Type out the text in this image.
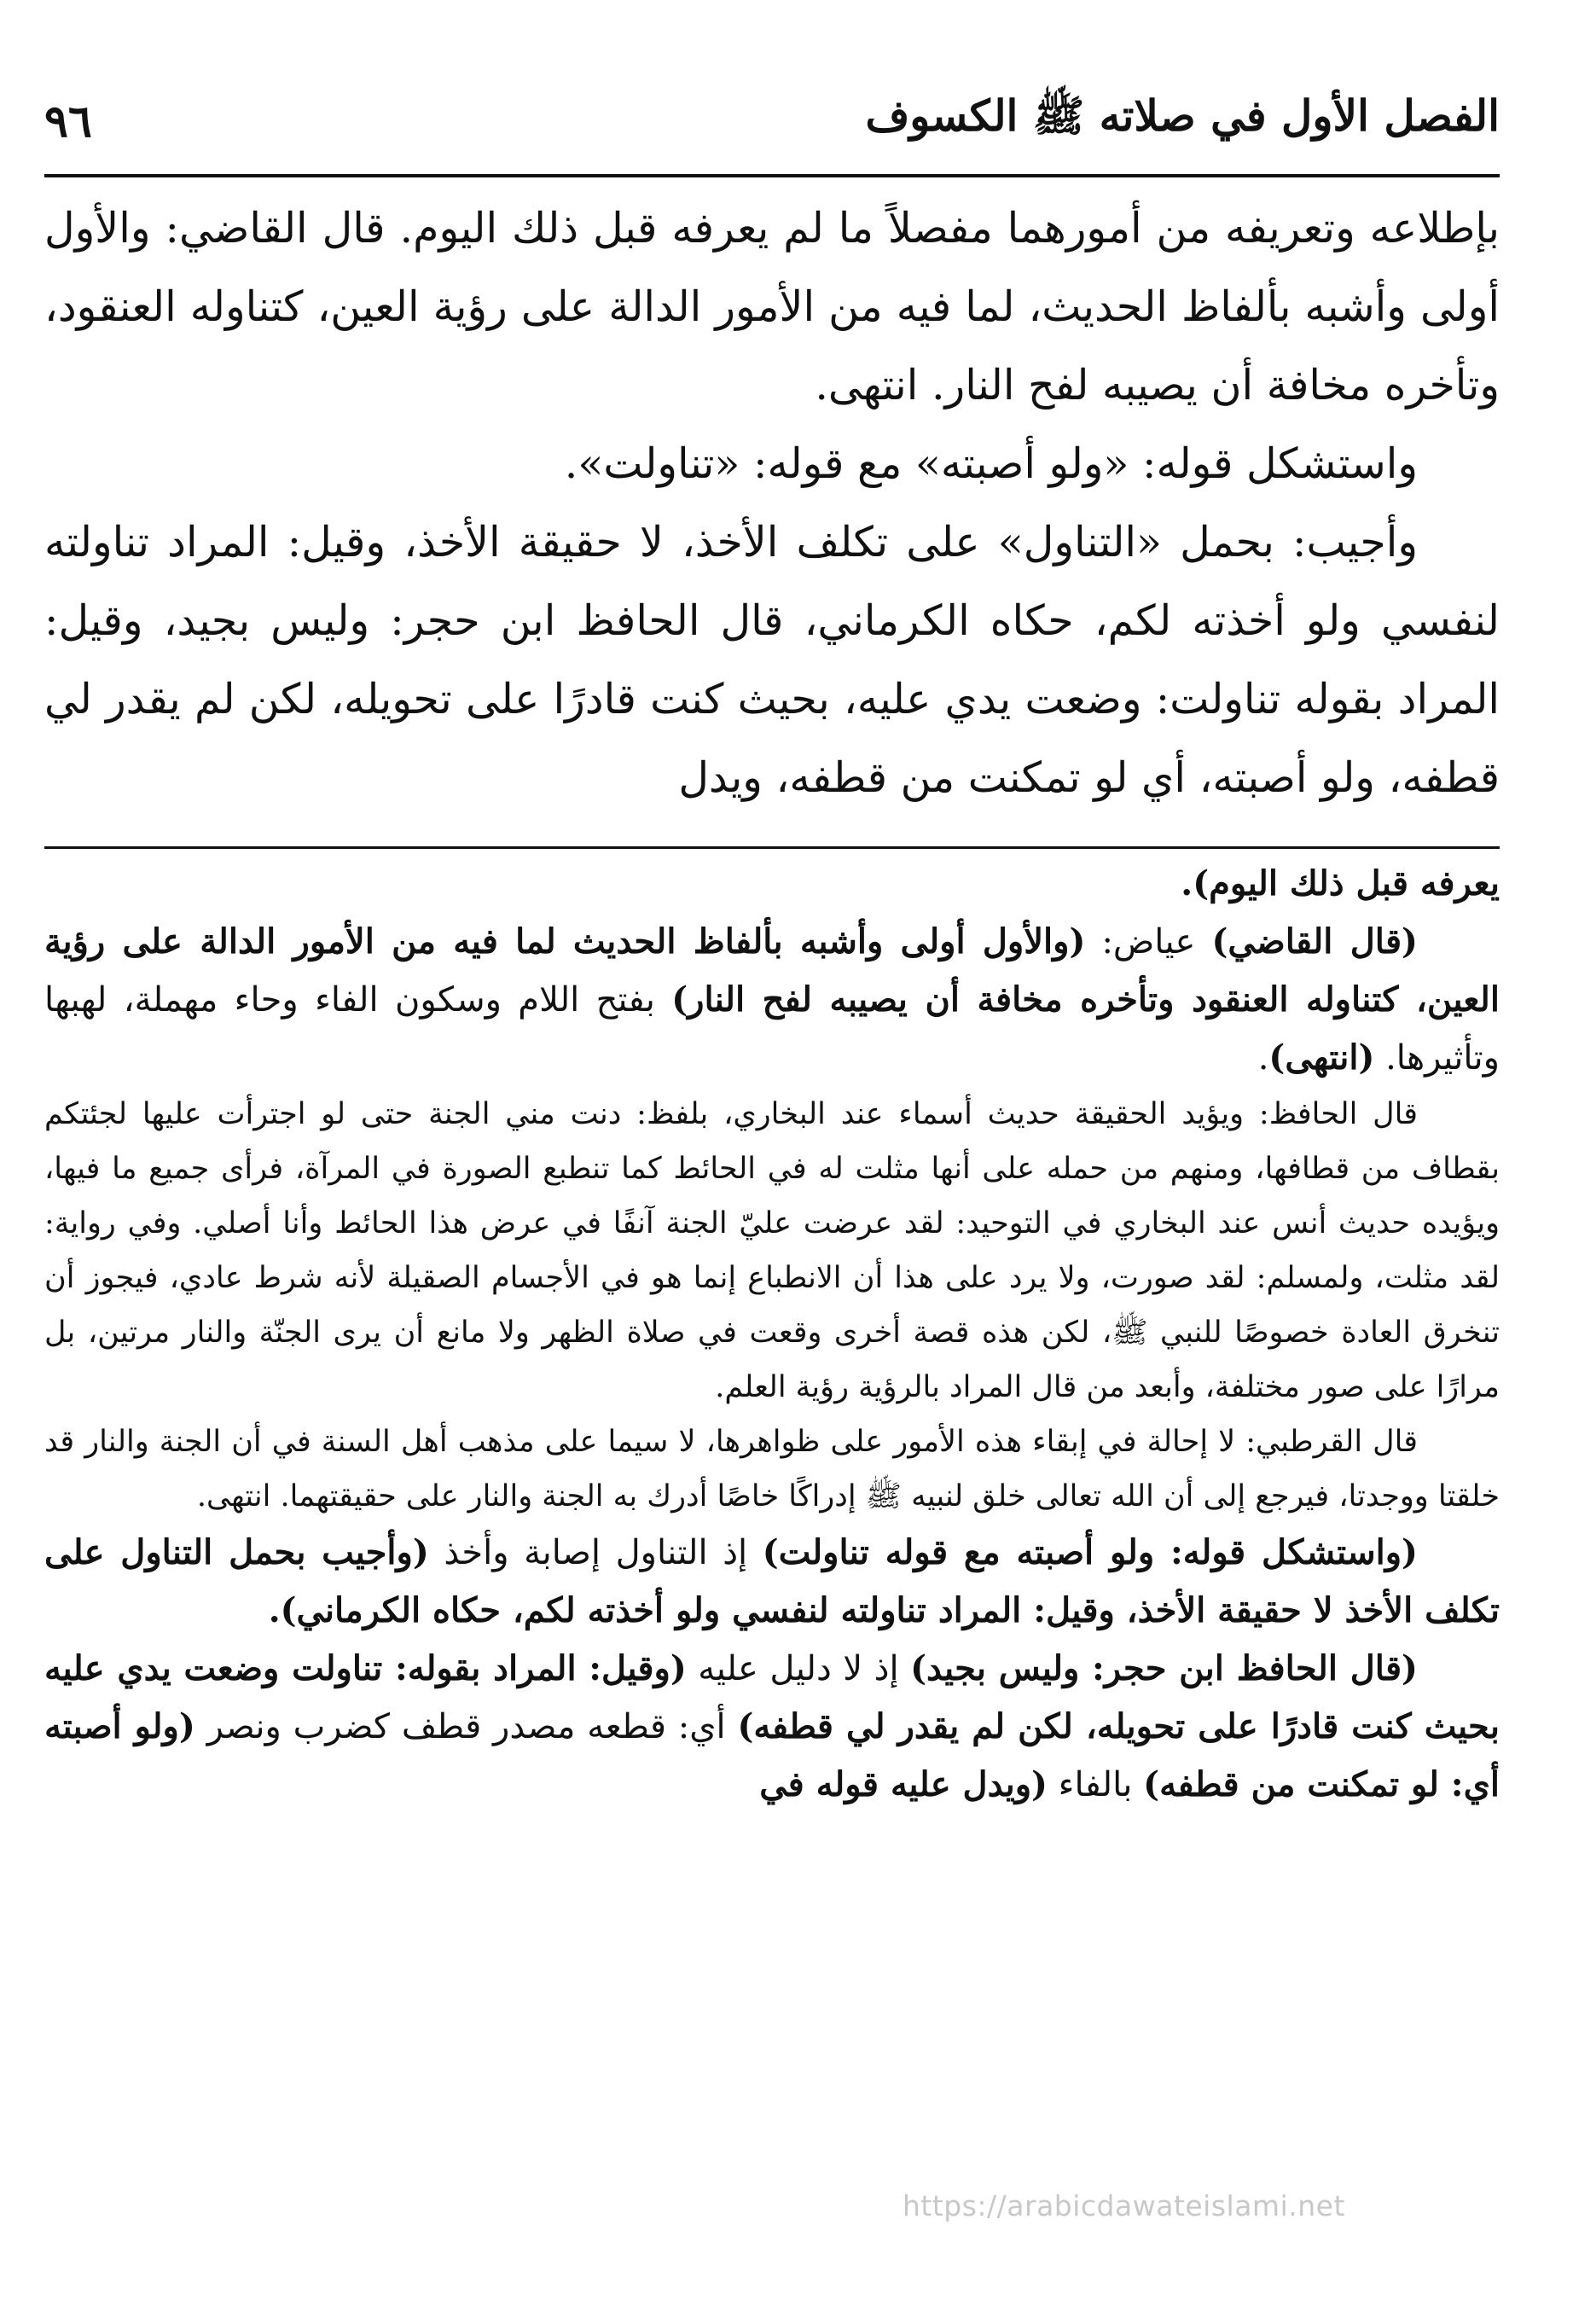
الفصل الأول في صلاته ﷺ الكسوف
٩٦

بإطلاعه وتعريفه من أمورهما مفصلاً ما لم يعرفه قبل ذلك اليوم. قال القاضي: والأول أولى وأشبه بألفاظ الحديث، لما فيه من الأمور الدالة على رؤية العين، كتناوله العنقود، وتأخره مخافة أن يصيبه لفح النار. انتهى.

واستشكل قوله: «ولو أصبته» مع قوله: «تناولت».

وأجيب: بحمل «التناول» على تكلف الأخذ، لا حقيقة الأخذ، وقيل: المراد تناولته لنفسي ولو أخذته لكم، حكاه الكرماني، قال الحافظ ابن حجر: وليس بجيد، وقيل: المراد بقوله تناولت: وضعت يدي عليه، بحيث كنت قادرًا على تحويله، لكن لم يقدر لي قطفه، ولو أصبته، أي لو تمكنت من قطفه، ويدل

يعرفه قبل ذلك اليوم).

(قال القاضي) عياض: (والأول أولى وأشبه بألفاظ الحديث لما فيه من الأمور الدالة على رؤية العين، كتناوله العنقود وتأخره مخافة أن يصيبه لفح النار) بفتح اللام وسكون الفاء وحاء مهملة، لهبها وتأثيرها. (انتهى).

قال الحافظ: ويؤيد الحقيقة حديث أسماء عند البخاري، بلفظ: دنت مني الجنة حتى لو اجترأت عليها لجئتكم بقطاف من قطافها، ومنهم من حمله على أنها مثلت له في الحائط كما تنطبع الصورة في المرآة، فرأى جميع ما فيها، ويؤيده حديث أنس عند البخاري في التوحيد: لقد عرضت عليّ الجنة آنفًا في عرض هذا الحائط وأنا أصلي. وفي رواية: لقد مثلت، ولمسلم: لقد صورت، ولا يرد على هذا أن الانطباع إنما هو في الأجسام الصقيلة لأنه شرط عادي، فيجوز أن تنخرق العادة خصوصًا للنبي ﷺ، لكن هذه قصة أخرى وقعت في صلاة الظهر ولا مانع أن يرى الجنّة والنار مرتين، بل مرارًا على صور مختلفة، وأبعد من قال المراد بالرؤية رؤية العلم.

قال القرطبي: لا إحالة في إبقاء هذه الأمور على ظواهرها، لا سيما على مذهب أهل السنة في أن الجنة والنار قد خلقتا ووجدتا، فيرجع إلى أن الله تعالى خلق لنبيه ﷺ إدراكًا خاصًا أدرك به الجنة والنار على حقيقتهما. انتهى.

(واستشكل قوله: ولو أصبته مع قوله تناولت) إذ التناول إصابة وأخذ (وأجيب بحمل التناول على تكلف الأخذ لا حقيقة الأخذ، وقيل: المراد تناولته لنفسي ولو أخذته لكم، حكاه الكرماني).

(قال الحافظ ابن حجر: وليس بجيد) إذ لا دليل عليه (وقيل: المراد بقوله: تناولت وضعت يدي عليه بحيث كنت قادرًا على تحويله، لكن لم يقدر لي قطفه) أي: قطعه مصدر قطف كضرب ونصر (ولو أصبته أي: لو تمكنت من قطفه) بالفاء (ويدل عليه قوله في

https://arabicdawateislami.net
